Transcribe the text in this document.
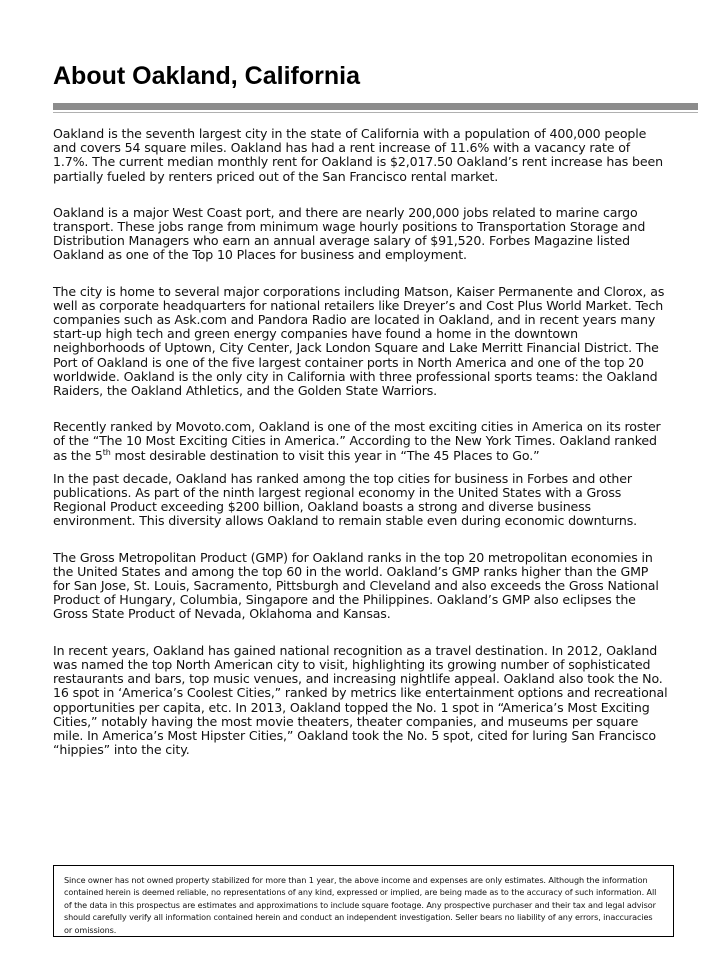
About Oakland, California

Oakland is the seventh largest city in the state of California with a population of 400,000 people and covers 54 square miles. Oakland has had a rent increase of 11.6% with a vacancy rate of 1.7%. The current median monthly rent for Oakland is $2,017.50 Oakland’s rent increase has been partially fueled by renters priced out of the San Francisco rental market.

Oakland is a major West Coast port, and there are nearly 200,000 jobs related to marine cargo transport. These jobs range from minimum wage hourly positions to Transportation Storage and Distribution Managers who earn an annual average salary of $91,520. Forbes Magazine listed Oakland as one of the Top 10 Places for business and employment.

The city is home to several major corporations including Matson, Kaiser Permanente and Clorox, as well as corporate headquarters for national retailers like Dreyer’s and Cost Plus World Market. Tech companies such as Ask.com and Pandora Radio are located in Oakland, and in recent years many start-up high tech and green energy companies have found a home in the downtown neighborhoods of Uptown, City Center, Jack London Square and Lake Merritt Financial District. The Port of Oakland is one of the five largest container ports in North America and one of the top 20 worldwide. Oakland is the only city in California with three professional sports teams: the Oakland Raiders, the Oakland Athletics, and the Golden State Warriors.

Recently ranked by Movoto.com, Oakland is one of the most exciting cities in America on its roster of the “The 10 Most Exciting Cities in America.” According to the New York Times. Oakland ranked as the 5th most desirable destination to visit this year in “The 45 Places to Go.”

In the past decade, Oakland has ranked among the top cities for business in Forbes and other publications. As part of the ninth largest regional economy in the United States with a Gross Regional Product exceeding $200 billion, Oakland boasts a strong and diverse business environment. This diversity allows Oakland to remain stable even during economic downturns.

The Gross Metropolitan Product (GMP) for Oakland ranks in the top 20 metropolitan economies in the United States and among the top 60 in the world. Oakland’s GMP ranks higher than the GMP for San Jose, St. Louis, Sacramento, Pittsburgh and Cleveland and also exceeds the Gross National Product of Hungary, Columbia, Singapore and the Philippines. Oakland’s GMP also eclipses the Gross State Product of Nevada, Oklahoma and Kansas.

In recent years, Oakland has gained national recognition as a travel destination. In 2012, Oakland was named the top North American city to visit, highlighting its growing number of sophisticated restaurants and bars, top music venues, and increasing nightlife appeal. Oakland also took the No. 16 spot in ‘America’s Coolest Cities,” ranked by metrics like entertainment options and recreational opportunities per capita, etc. In 2013, Oakland topped the No. 1 spot in “America’s Most Exciting Cities,” notably having the most movie theaters, theater companies, and museums per square mile. In America’s Most Hipster Cities,” Oakland took the No. 5 spot, cited for luring San Francisco “hippies” into the city.

Since owner has not owned property stabilized for more than 1 year, the above income and expenses are only estimates. Although the information contained herein is deemed reliable, no representations of any kind, expressed or implied, are being made as to the accuracy of such information. All of the data in this prospectus are estimates and approximations to include square footage. Any prospective purchaser and their tax and legal advisor should carefully verify all information contained herein and conduct an independent investigation. Seller bears no liability of any errors, inaccuracies or omissions.
